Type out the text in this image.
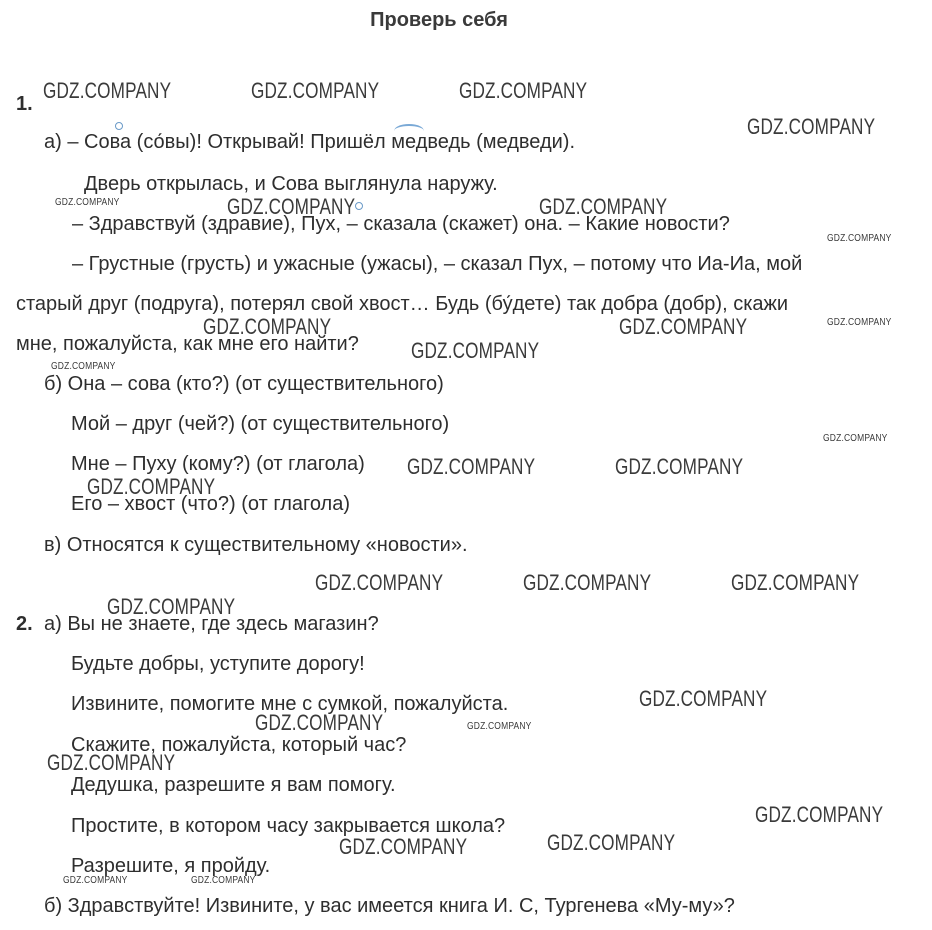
Проверь себя
1.
а) – Сова (со́вы)! Открывай! Пришёл медведь (медведи).
Дверь открылась, и Сова выглянула наружу.
– Здравствуй (здравие), Пух, – сказала (скажет) она. – Какие новости?
– Грустные (грусть) и ужасные (ужасы), – сказал Пух, – потому что Иа-Иа, мой
старый друг (подруга), потерял свой хвост… Будь (бу́дете) так добра (добр), скажи
мне, пожалуйста, как мне его найти?
б) Она – сова (кто?) (от существительного)
Мой – друг (чей?) (от существительного)
Мне – Пуху (кому?) (от глагола)
Его – хвост (что?) (от глагола)
в) Относятся к существительному «новости».
2. а) Вы не знаете, где здесь магазин?
Будьте добры, уступите дорогу!
Извините, помогите мне с сумкой, пожалуйста.
Скажите, пожалуйста, который час?
Дедушка, разрешите я вам помогу.
Простите, в котором часу закрывается школа?
Разрешите, я пройду.
б) Здравствуйте! Извините, у вас имеется книга И. С, Тургенева «Му-му»?
GDZ.COMPANY	GDZ.COMPANY	GDZ.COMPANY
GDZ.COMPANY
GDZ.COMPANY	GDZ.COMPANY	GDZ.COMPANY
GDZ.COMPANY
GDZ.COMPANY	GDZ.COMPANY	GDZ.COMPANY
GDZ.COMPANY
GDZ.COMPANY
GDZ.COMPANY
GDZ.COMPANY	GDZ.COMPANY
GDZ.COMPANY
GDZ.COMPANY	GDZ.COMPANY	GDZ.COMPANY
GDZ.COMPANY
GDZ.COMPANY
GDZ.COMPANY	GDZ.COMPANY
GDZ.COMPANY
GDZ.COMPANY
GDZ.COMPANY	GDZ.COMPANY
GDZ.COMPANY	GDZ.COMPANY
